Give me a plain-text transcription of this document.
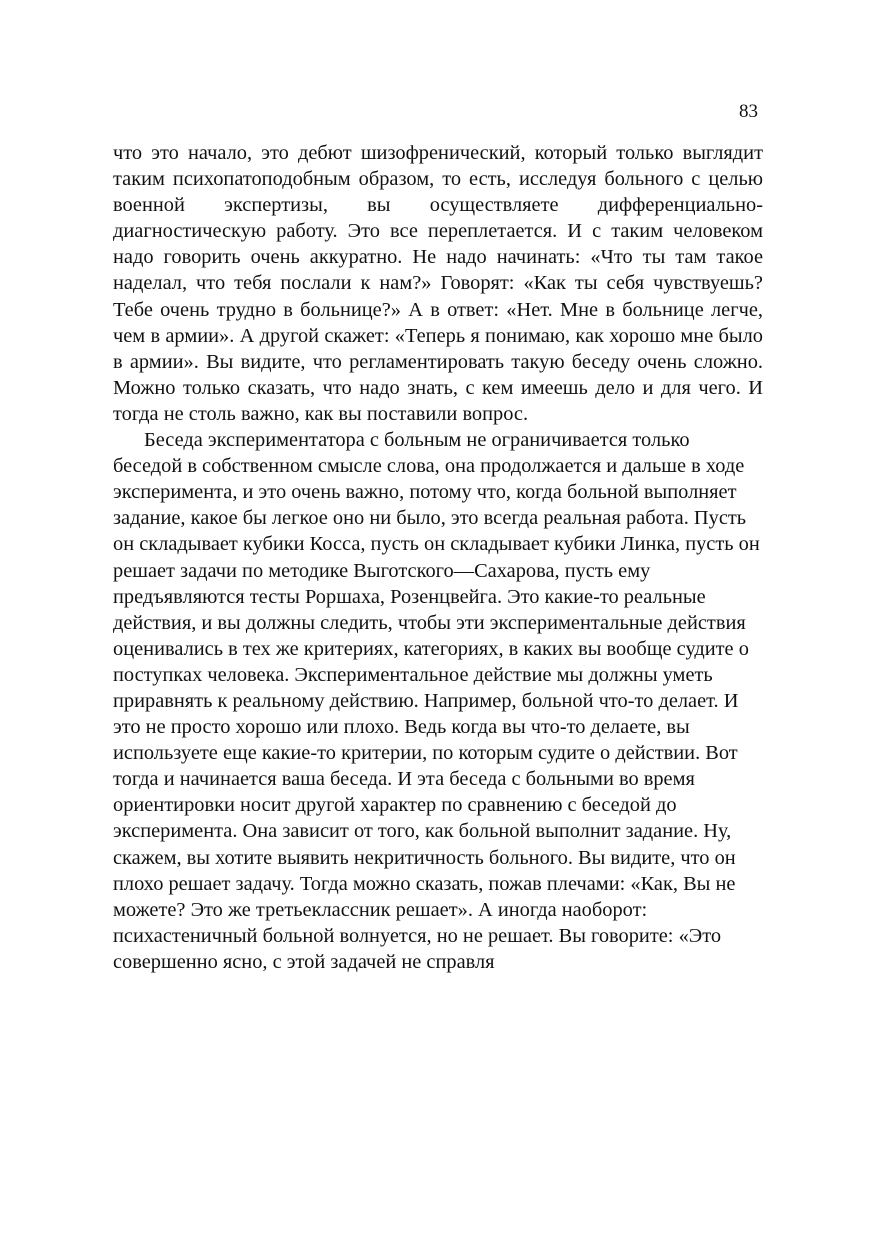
83

что это начало, это дебют шизофренический, который только выглядит таким психопатоподобным образом, то есть, исследуя больного с целью военной экспертизы, вы осуществляете дифференциально-диагностическую работу. Это все переплетается. И с таким человеком надо говорить очень аккуратно. Не надо начинать: «Что ты там такое наделал, что тебя послали к нам?» Говорят: «Как ты себя чувствуешь? Тебе очень трудно в больнице?» А в ответ: «Нет. Мне в больнице легче, чем в армии». А другой скажет: «Теперь я понимаю, как хорошо мне было в армии». Вы видите, что регламентировать такую беседу очень сложно. Можно только сказать, что надо знать, с кем имеешь дело и для чего. И тогда не столь важно, как вы поставили вопрос.

Беседа экспериментатора с больным не ограничивается только беседой в собственном смысле слова, она продолжается и дальше в ходе эксперимента, и это очень важно, потому что, когда больной выполняет задание, какое бы легкое оно ни было, это всегда реальная работа. Пусть он складывает кубики Косса, пусть он складывает кубики Линка, пусть он решает задачи по методике Выготского—Сахарова, пусть ему предъявляются тесты Роршаха, Розенцвейга. Это какие-то реальные действия, и вы должны следить, чтобы эти экспериментальные действия оценивались в тех же критериях, категориях, в каких вы вообще судите о поступках человека. Экспериментальное действие мы должны уметь приравнять к реальному действию. Например, больной что-то делает. И это не просто хорошо или плохо. Ведь когда вы что-то делаете, вы используете еще какие-то критерии, по которым судите о действии. Вот тогда и начинается ваша беседа. И эта беседа с больными во время ориентировки носит другой характер по сравнению с беседой до эксперимента. Она зависит от того, как больной выполнит задание. Ну, скажем, вы хотите выявить некритичность больного. Вы видите, что он плохо решает задачу. Тогда можно сказать, пожав плечами: «Как, Вы не можете? Это же третьеклассник решает». А иногда наоборот: психастеничный больной волнуется, но не решает. Вы говорите: «Это совершенно ясно, с этой задачей не справля
